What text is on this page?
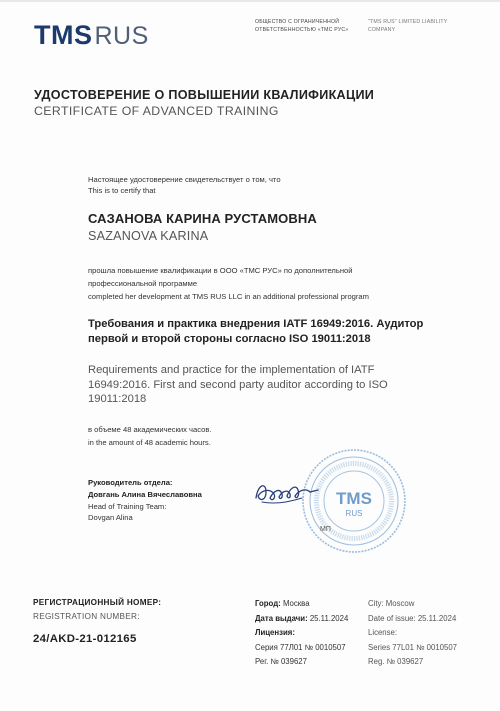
TMS RUS	ОБЩЕСТВО С ОГРАНИЧЕННОЙ
ОТВЕТСТВЕННОСТЬЮ «ТМС РУС»
"TMS RUS" LIMITED LIABILITY
COMPANY
УДОСТОВЕРЕНИЕ О ПОВЫШЕНИИ КВАЛИФИКАЦИИ
CERTIFICATE OF ADVANCED TRAINING
Настоящее удостоверение свидетельствует о том, что
This is to certify that
САЗАНОВА КАРИНА РУСТАМОВНА
SAZANOVA KARINA
прошла повышение квалификации в ООО «ТМС РУС» по дополнительной
профессиональной программе
completed her development at TMS RUS LLC in an additional professional program
Требования и практика внедрения IATF 16949:2016. Аудитор первой и второй стороны согласно ISO 19011:2018
Requirements and practice for the implementation of IATF 16949:2016. First and second party auditor according to ISO 19011:2018
в объеме 48 академических часов.
in the amount of 48 academic hours.
Руководитель отдела:
Довгань Алина Вячеславовна
Head of Training Team:
Dovgan Alina
TMS
RUS
МП
РЕГИСТРАЦИОННЫЙ НОМЕР:
REGISTRATION NUMBER:
24/AKD-21-012165
Город: Москва
Дата выдачи: 25.11.2024
Лицензия:
Серия 77Л01 № 0010507
Рег. № 039627
City: Moscow
Date of issue: 25.11.2024
License:
Series 77L01 № 0010507
Reg. № 039627
